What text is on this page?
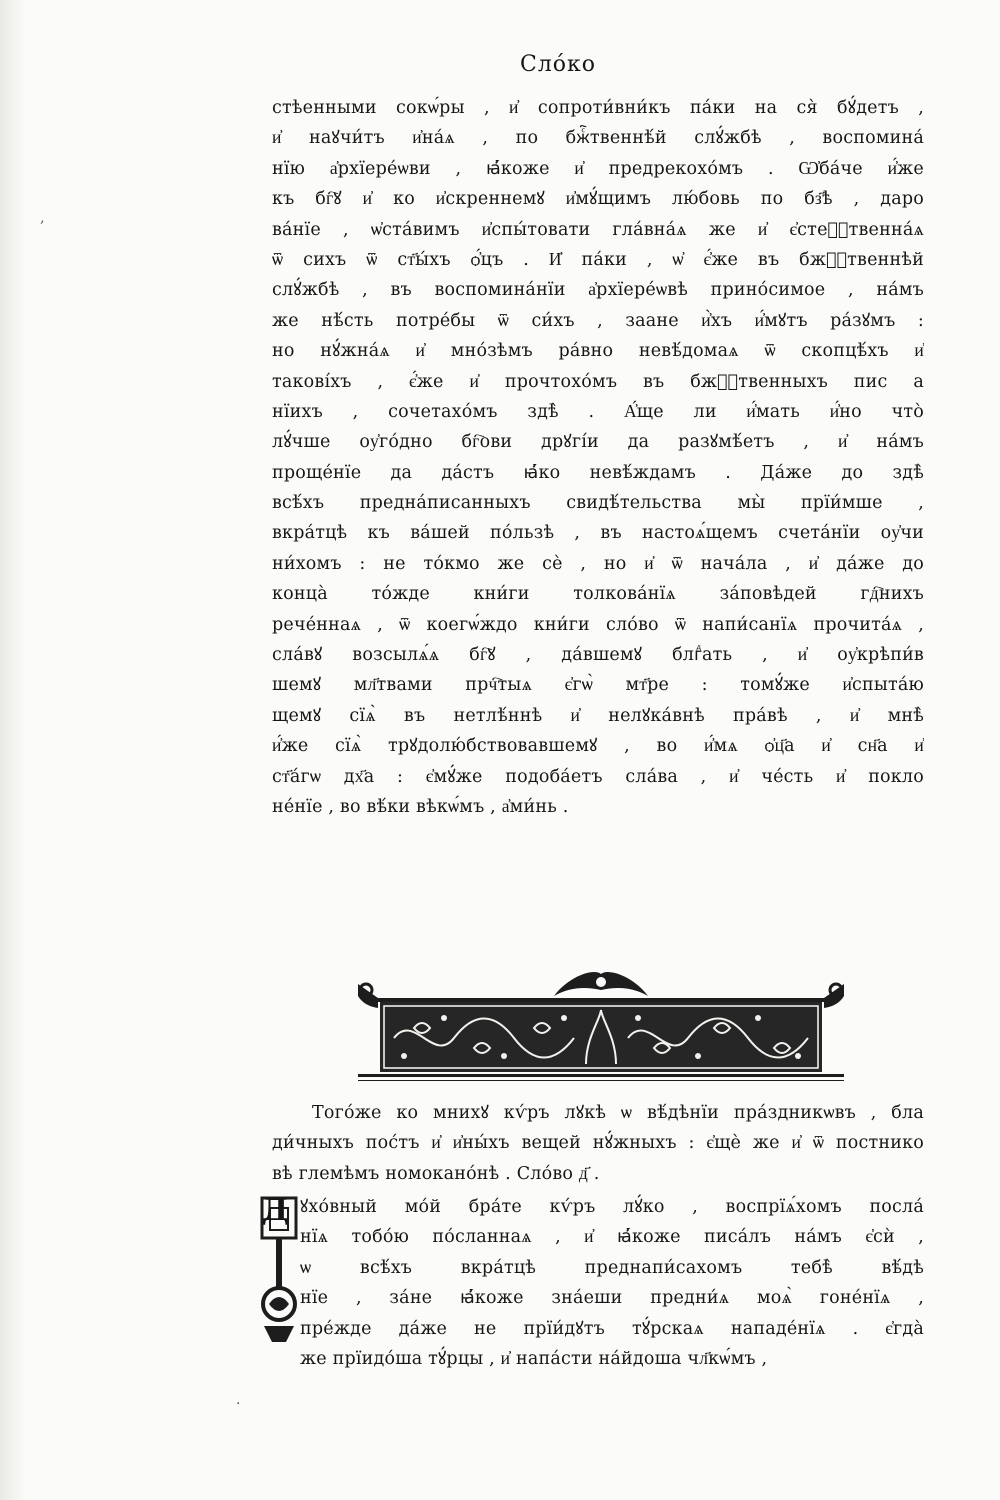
Слóко
стѣенными сокѡ́ры , и҆ сопроти́вни́къ па́ки на ся̀ бꙋ́детъ ,
и҆ наꙋчи́тъ и҆на́ѧ , по бжⷭ҇твеннѣ́й слꙋ́жбѣ , воспомина́
нїю а҆рхїере́ѡви , ꙗ҆́коже и҆ предрекохо́мъ . Ѡ҆ба́че и҆́же
къ бг҇ꙋ и҆ ко и҆скреннемꙋ и҆мꙋ́щимъ лю́бовь по бз҃ѣ , даро
ва́нїе , ѡ҆ста́вимъ и҆спы́товати гла́вна́ѧ же и҆ є҆стеⷭ҇твенна́ѧ
ѿ сихъ ѿ ст҃ы́хъ ѻ҆́цъ . И҆ па́ки , ѡ҆ є҆́же въ бжⷭ҇твеннѣй
слꙋ́жбѣ , въ воспомина́нїи а҆рхїере́ѡвѣ прино́симое , на́мъ
же нѣ́сть потре́бы ѿ си́хъ , заане и҆̀хъ и҆́мꙋтъ ра́зꙋмъ :
но нꙋ́жна́ѧ и҆ мно́зѣмъ ра́вно невѣ́домаѧ ѿ скопцѣ́хъ и҆
такові́хъ , є҆́же и҆ прочтохо́мъ въ бжⷭ҇твенныхъ пис а
нїихъ , сочетахо́мъ здѣ̀ . А҆́ще ли и҆́мать и҆́но что̀
лꙋ́чше оу҆го́дно бг҇ови дрꙋгі́и да разꙋмѣ́етъ , и҆ на́мъ
проще́нїе да да́стъ ꙗ҆́ко невѣ́ждамъ . Да́же до здѣ̀
всѣ́хъ предна́писанныхъ свидѣ́тельства мы̀ прїи́мше ,
вкра́тцѣ къ ва́шей по́льзѣ , въ настоѧ́щемъ счета́нїи оу҆чи
ни́хомъ : не то́кмо же сѐ , но и҆ ѿ нача́ла , и҆ да́же до
конца̀ то́жде кни́ги толкова́нїѧ за́повѣдей гд҇нихъ
рече́ннаѧ , ѿ коегѡ́ждо кни́ги сло́во ѿ напи́санїѧ прочита́ѧ ,
сла́вꙋ возсылѧ́ѧ бг҇ꙋ , да́вшемꙋ блгⷣать , и҆ оу҆крѣпи́в
шемꙋ мл҃твами прч҇тыѧ є҆гѡ̀ мт҃ре : томꙋ́же и҆спыта́ю
щемꙋ сїѧ̀ въ нетлѣ́ннѣ и҆ нелꙋка́внѣ пра́вѣ , и҆ мнѣ̀
и҆́же сїѧ̀ трꙋдолю́бствовавшемꙋ , во и҆́мѧ ѻ҆ц҃а и҆ сн҃а и҆
ст҃а́гѡ дх҃а : є҆мꙋ́же подоба́етъ сла́ва , и҆ че́сть и҆ покло
не́нїе , во вѣ́ки вѣкѡ́мъ , а҆ми́нь .
Того́же ко мнихꙋ кѵ́ръ лꙋкѣ ѡ вѣ́дѣнїи пра́здникѡвъ , бла
ди́чныхъ пос́тъ и҆ и҆ны́хъ вещей нꙋ́жныхъ : є҆щѐ же и҆ ѿ постнико
вѣ глемѣмъ номокано́нѣ . Сло́во д҃ .
Д ꙋхо́вный мо́й бра́те кѵ́ръ лꙋ́ко , воспрїѧ́хомъ посла́
нїѧ тобо́ю по́сланнаѧ , и҆ ꙗ҆́коже писа́лъ на́мъ є҆сѝ ,
ѡ всѣ́хъ вкра́тцѣ преднапи́сахомъ тебѣ̀ вѣ́дѣ
нїе , за́не ꙗ҆́коже зна́еши предни́ѧ моѧ̀ гоне́нїѧ ,
пре́жде да́же не прїи́дꙋтъ тꙋ́рскаѧ нападе́нїѧ . є҆гда̀
же прїидо́ша тꙋ́рцы , и҆ напа́сти на́йдоша чл҃кѡ́мъ ,
‚
·
